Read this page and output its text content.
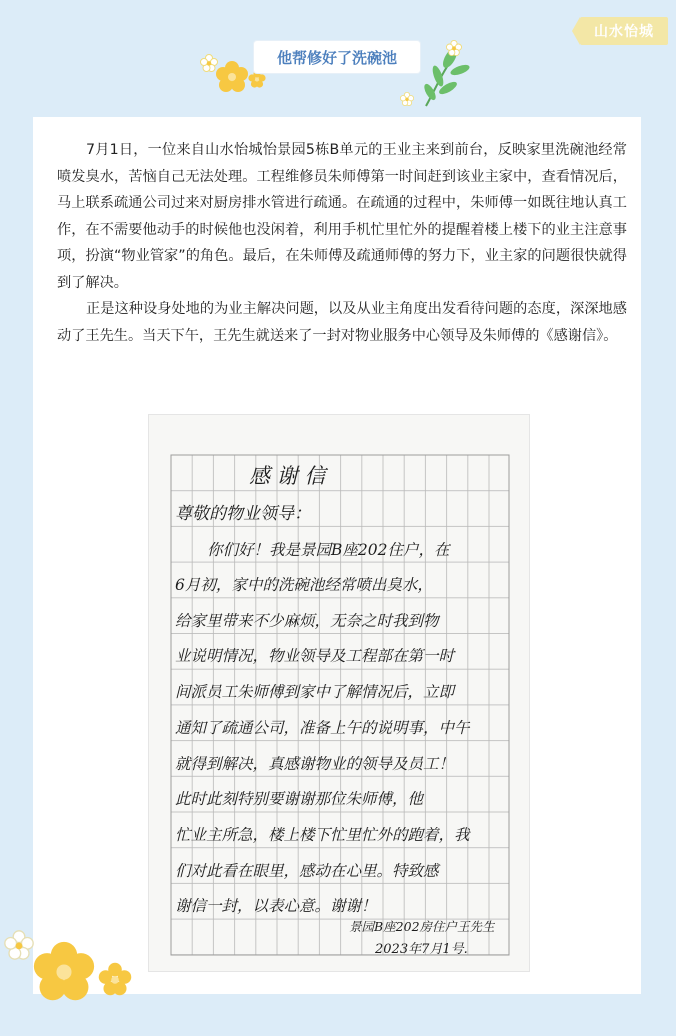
山水怡城
他帮修好了洗碗池

7月1日，一位来自山水怡城怡景园5栋B单元的王业主来到前台，反映家里洗碗池经常喷发臭水，苦恼自己无法处理。工程维修员朱师傅第一时间赶到该业主家中，查看情况后，马上联系疏通公司过来对厨房排水管进行疏通。在疏通的过程中，朱师傅一如既往地认真工作，在不需要他动手的时候他也没闲着，利用手机忙里忙外的提醒着楼上楼下的业主注意事项，扮演“物业管家”的角色。最后，在朱师傅及疏通师傅的努力下，业主家的问题很快就得到了解决。

正是这种设身处地的为业主解决问题，以及从业主角度出发看待问题的态度，深深地感动了王先生。当天下午，王先生就送来了一封对物业服务中心领导及朱师傅的《感谢信》。

感 谢 信
尊敬的物业领导：
你们好！我是景园B座202住户，在
6月初，家中的洗碗池经常喷出臭水，
给家里带来不少麻烦，无奈之时我到物
业说明情况，物业领导及工程部在第一时
间派员工朱师傅到家中了解情况后，立即
通知了疏通公司，准备上午的说明事，中午
就得到解决，真感谢物业的领导及员工！
此时此刻特别要谢谢那位朱师傅，他
忙业主所急，楼上楼下忙里忙外的跑着，我
们对此看在眼里，感动在心里。特致感
谢信一封，以表心意。谢谢！
景园B座202房住户王先生
2023年7月1号.
